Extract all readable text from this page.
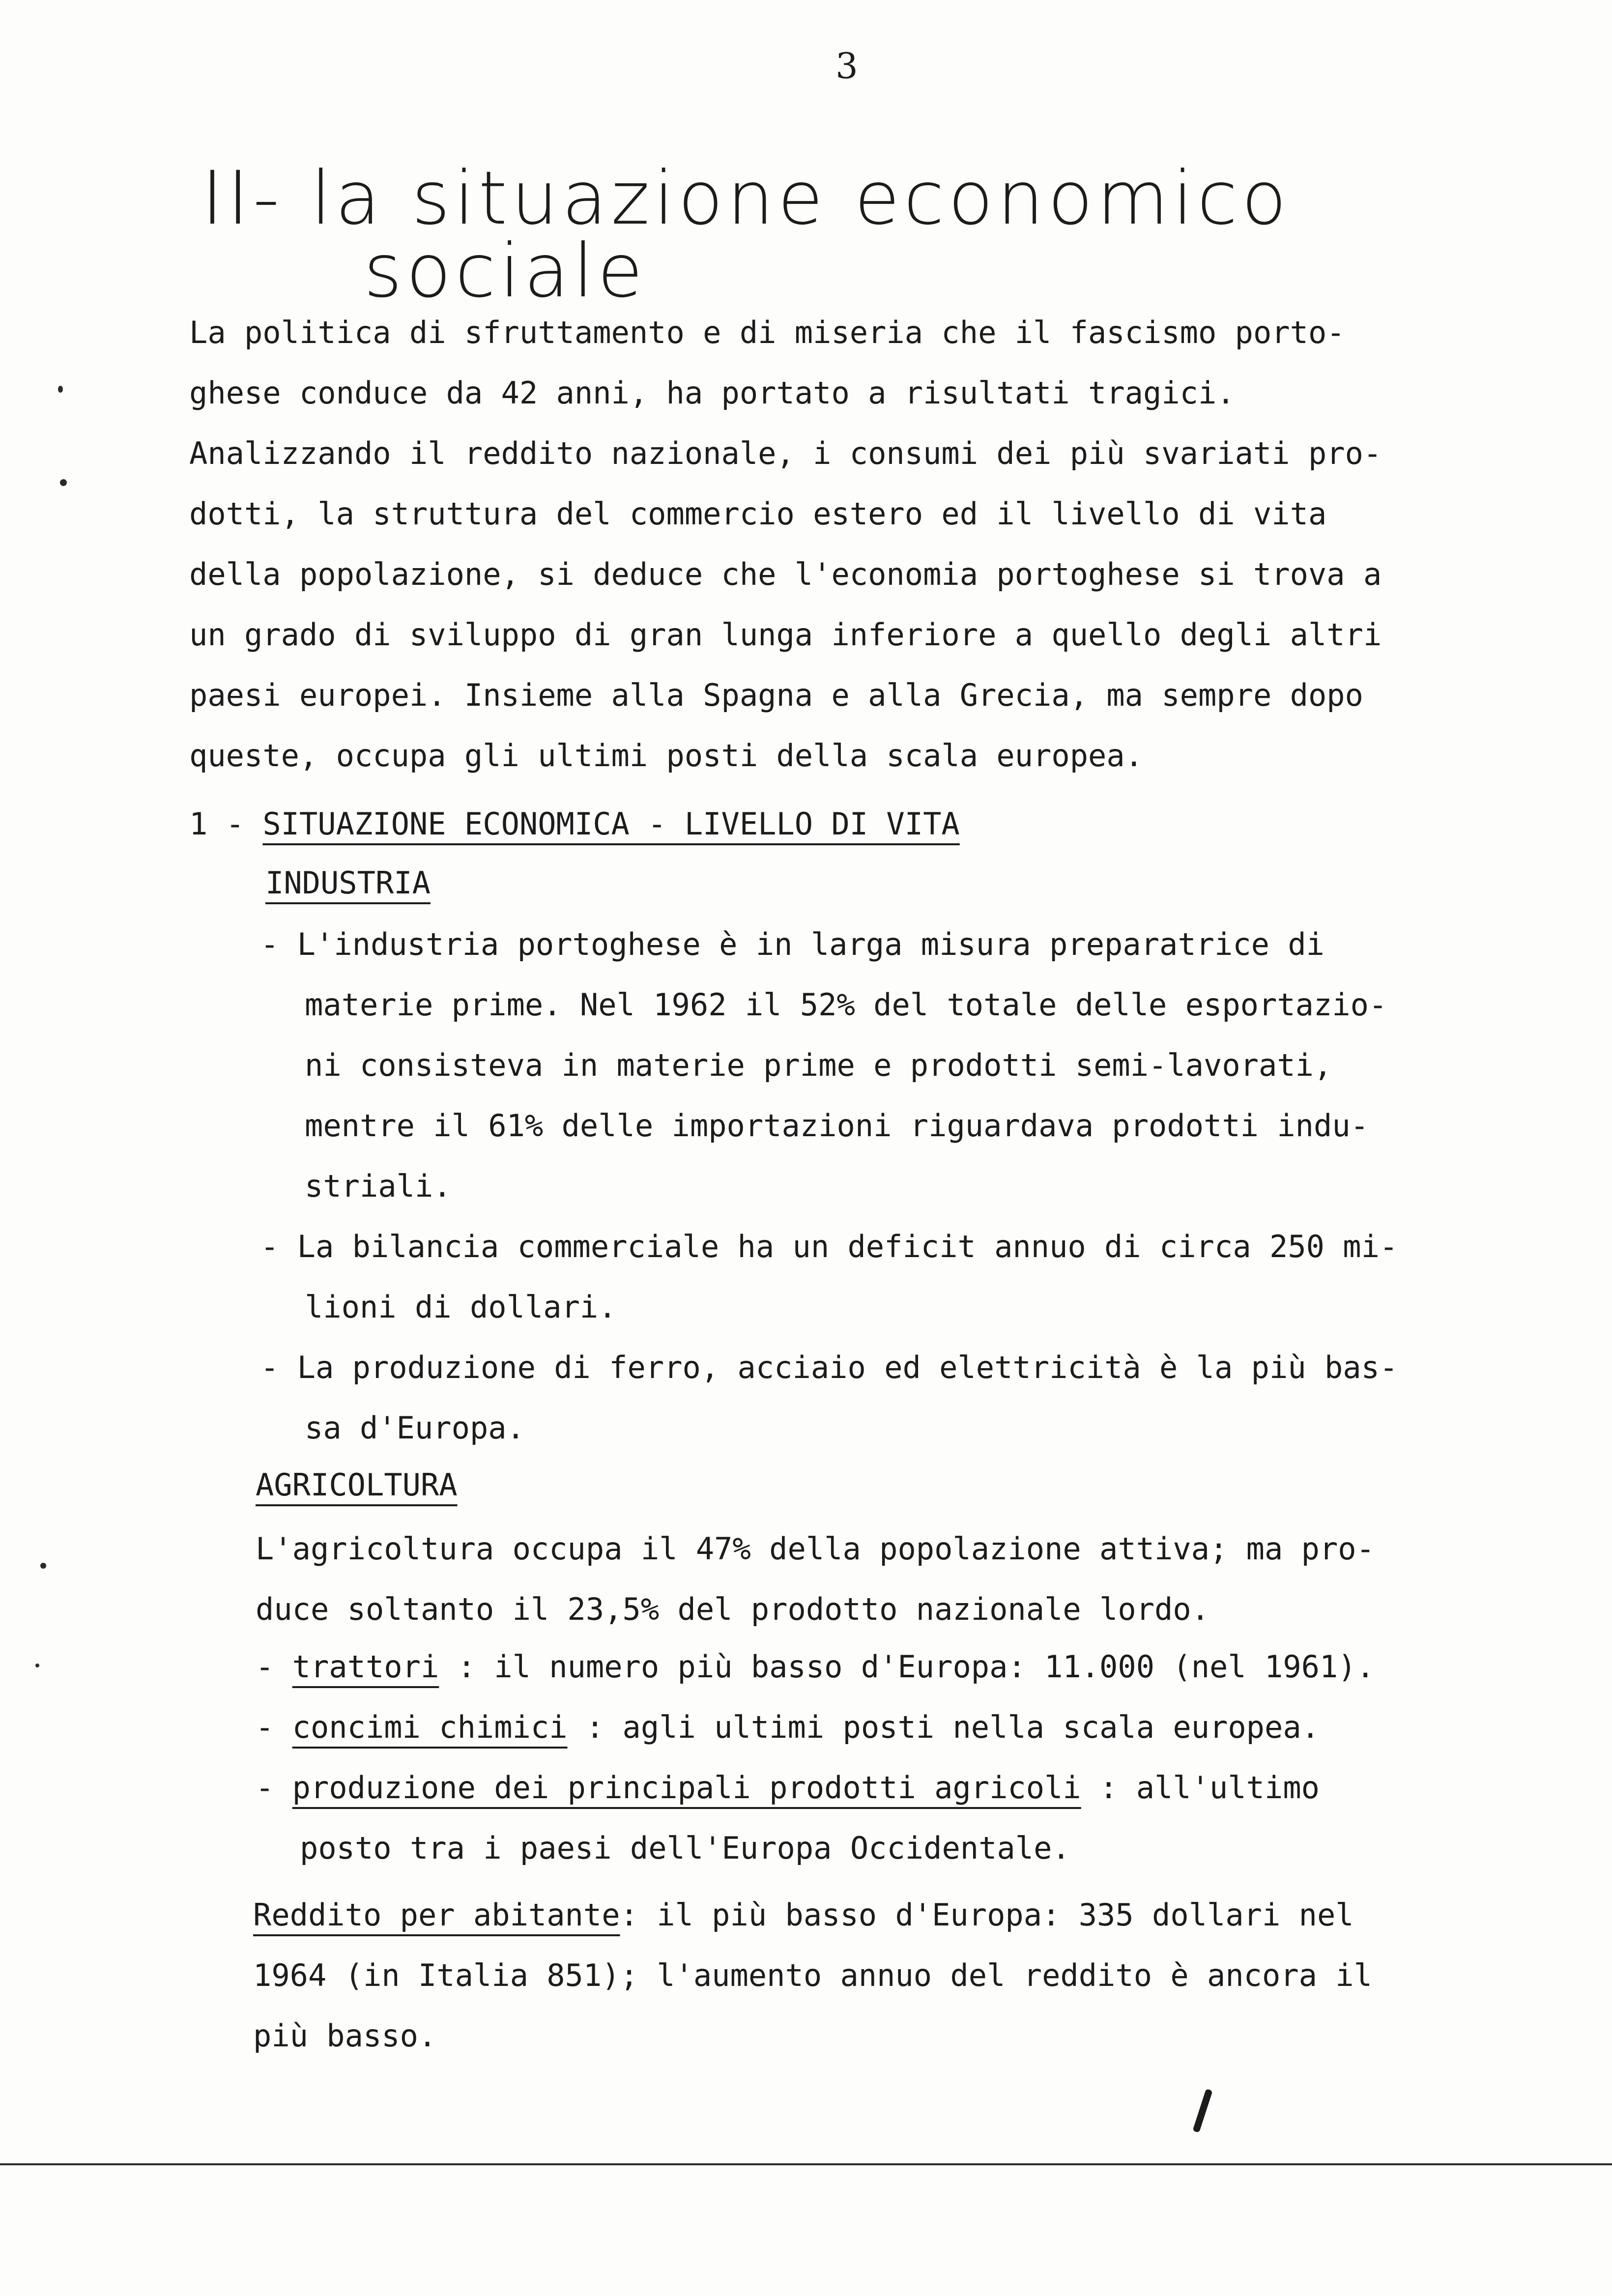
3
II- la situazione economico
sociale
La politica di sfruttamento e di miseria che il fascismo porto-
ghese conduce da 42 anni, ha portato a risultati tragici.
Analizzando il reddito nazionale, i consumi dei più svariati pro-
dotti, la struttura del commercio estero ed il livello di vita
della popolazione, si deduce che l'economia portoghese si trova a
un grado di sviluppo di gran lunga inferiore a quello degli altri
paesi europei. Insieme alla Spagna e alla Grecia, ma sempre dopo
queste, occupa gli ultimi posti della scala europea.
1 - SITUAZIONE ECONOMICA - LIVELLO DI VITA
INDUSTRIA
- L'industria portoghese è in larga misura preparatrice di
materie prime. Nel 1962 il 52% del totale delle esportazio-
ni consisteva in materie prime e prodotti semi-lavorati,
mentre il 61% delle importazioni riguardava prodotti indu-
striali.
- La bilancia commerciale ha un deficit annuo di circa 250 mi-
lioni di dollari.
- La produzione di ferro, acciaio ed elettricità è la più bas-
sa d'Europa.
AGRICOLTURA
L'agricoltura occupa il 47% della popolazione attiva; ma pro-
duce soltanto il 23,5% del prodotto nazionale lordo.
- trattori : il numero più basso d'Europa: 11.000 (nel 1961).
- concimi chimici : agli ultimi posti nella scala europea.
- produzione dei principali prodotti agricoli : all'ultimo
posto tra i paesi dell'Europa Occidentale.
Reddito per abitante: il più basso d'Europa: 335 dollari nel
1964 (in Italia 851); l'aumento annuo del reddito è ancora il
più basso.
